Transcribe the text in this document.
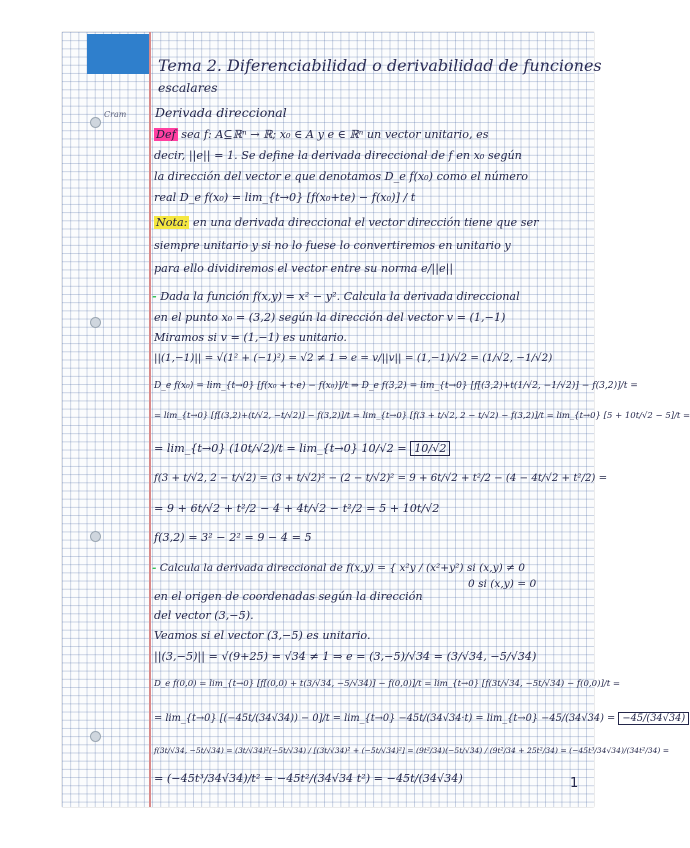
Tema 2. Diferenciabilidad o derivabilidad de funciones
escalares
Cram Derivada direccional
Def sea f: A⊆ℝⁿ → ℝ; x₀ ∈ A y e ∈ ℝⁿ un vector unitario, es
decir, ||e|| = 1. Se define la derivada direccional de f en x₀ según
la dirección del vector e que denotamos D_e f(x₀) como el número
real D_e f(x₀) = lim_{t→0} [f(x₀+te) − f(x₀)] / t
Nota: en una derivada direccional el vector dirección tiene que ser
siempre unitario y si no lo fuese lo convertiremos en unitario y
para ello dividiremos el vector entre su norma e/||e||
- Dada la función f(x,y) = x² − y². Calcula la derivada direccional
en el punto x₀ = (3,2) según la dirección del vector v = (1,−1)
Miramos si v = (1,−1) es unitario.
||(1,−1)|| = √(1² + (−1)²) = √2 ≠ 1 ⇒ e = v/||v|| = (1,−1)/√2 = (1/√2, −1/√2)
D_e f(x₀) = lim_{t→0} [f(x₀ + t·e) − f(x₀)]/t ⇒ D_e f(3,2) = lim_{t→0} [f[(3,2)+t(1/√2, −1/√2)] − f(3,2)]/t =
= lim_{t→0} [f[(3,2)+(t/√2, −t/√2)] − f(3,2)]/t = lim_{t→0} [f(3 + t/√2, 2 − t/√2) − f(3,2)]/t = lim_{t→0} [5 + 10t/√2 − 5]/t =
= lim_{t→0} (10t/√2)/t = lim_{t→0} 10/√2 = 10/√2
f(3 + t/√2, 2 − t/√2) = (3 + t/√2)² − (2 − t/√2)² = 9 + 6t/√2 + t²/2 − (4 − 4t/√2 + t²/2) =
= 9 + 6t/√2 + t²/2 − 4 + 4t/√2 − t²/2 = 5 + 10t/√2
f(3,2) = 3² − 2² = 9 − 4 = 5
- Calcula la derivada direccional de f(x,y) = { x²y / (x²+y²) si (x,y) ≠ 0
0 si (x,y) = 0
en el origen de coordenadas según la dirección
del vector (3,−5).
Veamos si el vector (3,−5) es unitario.
||(3,−5)|| = √(9+25) = √34 ≠ 1 ⇒ e = (3,−5)/√34 = (3/√34, −5/√34)
D_e f(0,0) = lim_{t→0} [f[(0,0) + t(3/√34, −5/√34)] − f(0,0)]/t = lim_{t→0} [f(3t/√34, −5t/√34) − f(0,0)]/t =
= lim_{t→0} [(−45t/(34√34)) − 0]/t = lim_{t→0} −45t/(34√34·t) = lim_{t→0} −45/(34√34) = −45/(34√34)
f(3t/√34, −5t/√34) = (3t/√34)²(−5t/√34) / [(3t/√34)² + (−5t/√34)²] = (9t²/34)(−5t/√34) / (9t²/34 + 25t²/34) = (−45t³/34√34)/(34t²/34) =
= (−45t³/34√34)/t² = −45t²/(34√34 t²) = −45t/(34√34)	1
